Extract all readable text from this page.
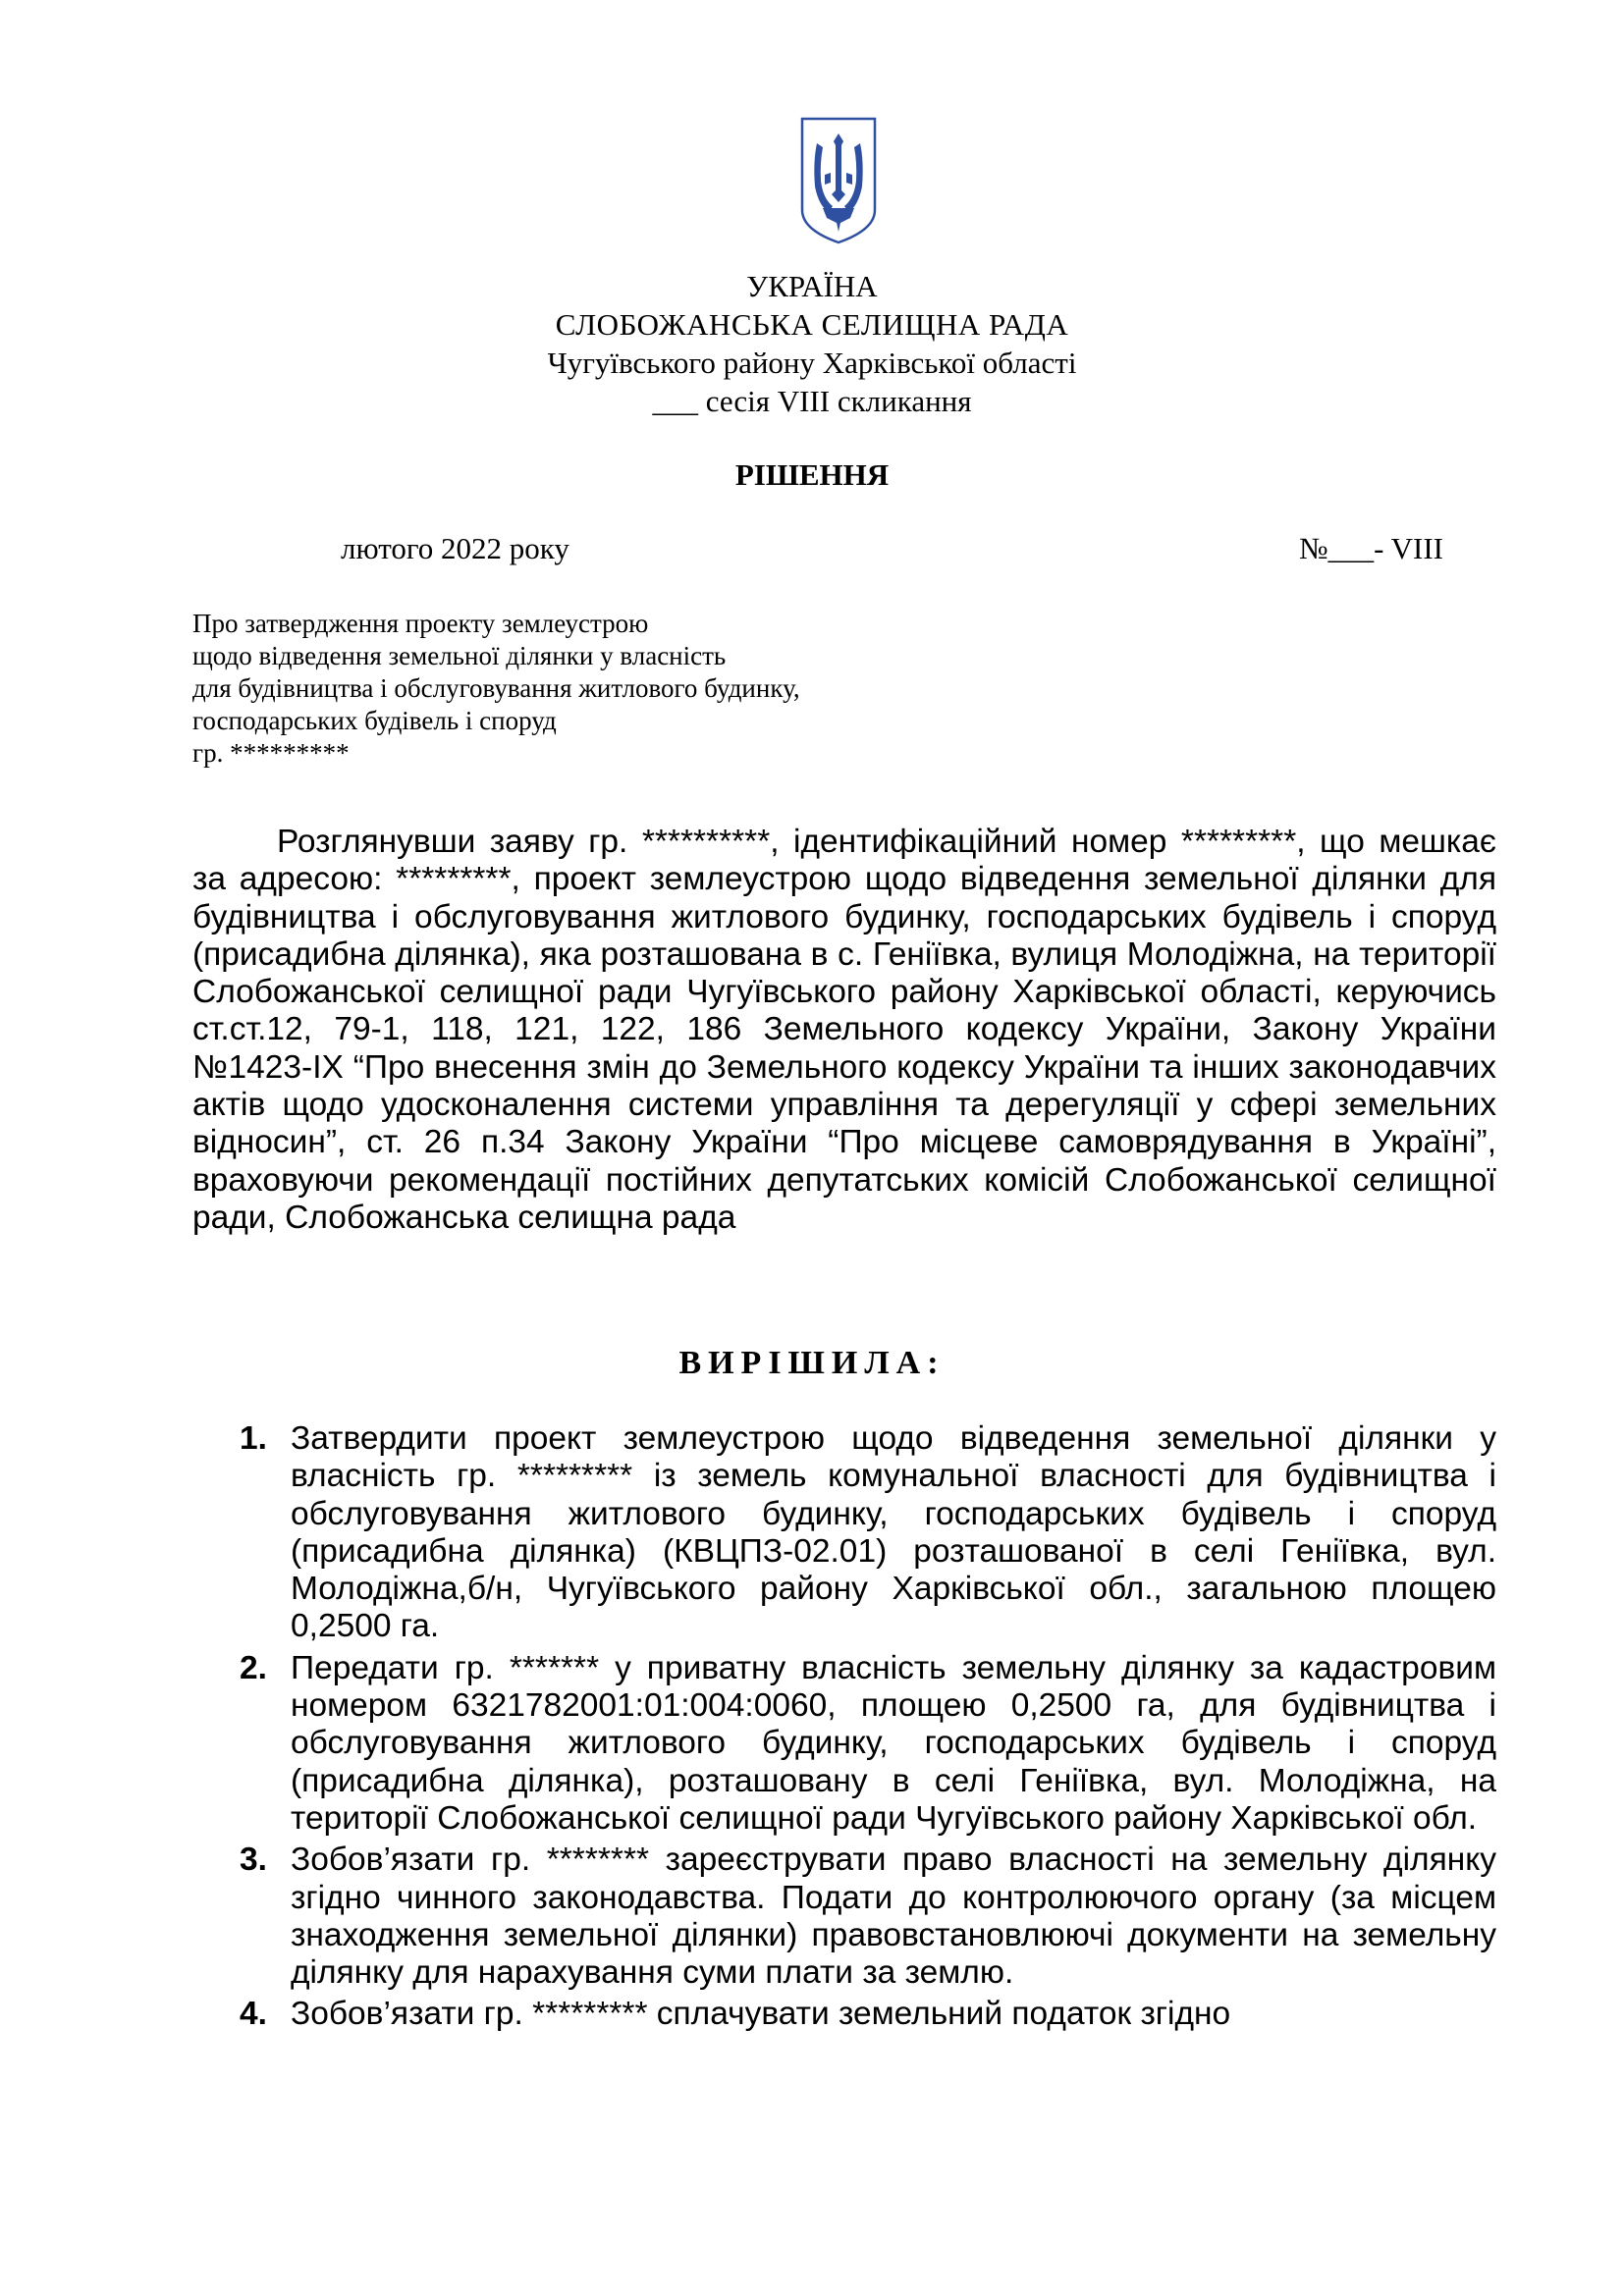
УКРАЇНА
СЛОБОЖАНСЬКА СЕЛИЩНА РАДА
Чугуївського району Харківської області
___ сесія VIII скликання
РІШЕННЯ
лютого 2022 року	№___- VIII
Про затвердження проекту землеустрою
щодо відведення земельної ділянки у власність
для будівництва і обслуговування житлового будинку,
господарських будівель і споруд
гр. *********
Розглянувши заяву гр. **********, ідентифікаційний номер *********, що мешкає за адресою: *********, проект землеустрою щодо відведення земельної ділянки для будівництва і обслуговування житлового будинку, господарських будівель і споруд (присадибна ділянка), яка розташована в с. Геніївка, вулиця Молодіжна, на території Слобожанської селищної ради Чугуївського району Харківської області, керуючись ст.ст.12, 79-1, 118, 121, 122, 186 Земельного кодексу України, Закону України №1423-IX “Про внесення змін до Земельного кодексу України та інших законодавчих актів щодо удосконалення системи управління та дерегуляції у сфері земельних відносин”, ст. 26 п.34 Закону України “Про місцеве самоврядування в Україні”, враховуючи рекомендації постійних депутатських комісій Слобожанської селищної ради, Слобожанська селищна рада
ВИРІШИЛА:
1. Затвердити проект землеустрою щодо відведення земельної ділянки у власність гр. ********* із земель комунальної власності для будівництва і обслуговування житлового будинку, господарських будівель і споруд (присадибна ділянка) (КВЦПЗ-02.01) розташованої в селі Геніївка, вул. Молодіжна,б/н, Чугуївського району Харківської обл., загальною площею 0,2500 га.
2. Передати гр. ******* у приватну власність земельну ділянку за кадастровим номером 6321782001:01:004:0060, площею 0,2500 га, для будівництва і обслуговування житлового будинку, господарських будівель і споруд (присадибна ділянка), розташовану в селі Геніївка, вул. Молодіжна, на території Слобожанської селищної ради Чугуївського району Харківської обл.
3. Зобов’язати гр. ******** зареєструвати право власності на земельну ділянку згідно чинного законодавства. Подати до контролюючого органу (за місцем знаходження земельної ділянки) правовстановлюючі документи на земельну ділянку для нарахування суми плати за землю.
4. Зобов’язати гр. ********* сплачувати земельний податок згідно
